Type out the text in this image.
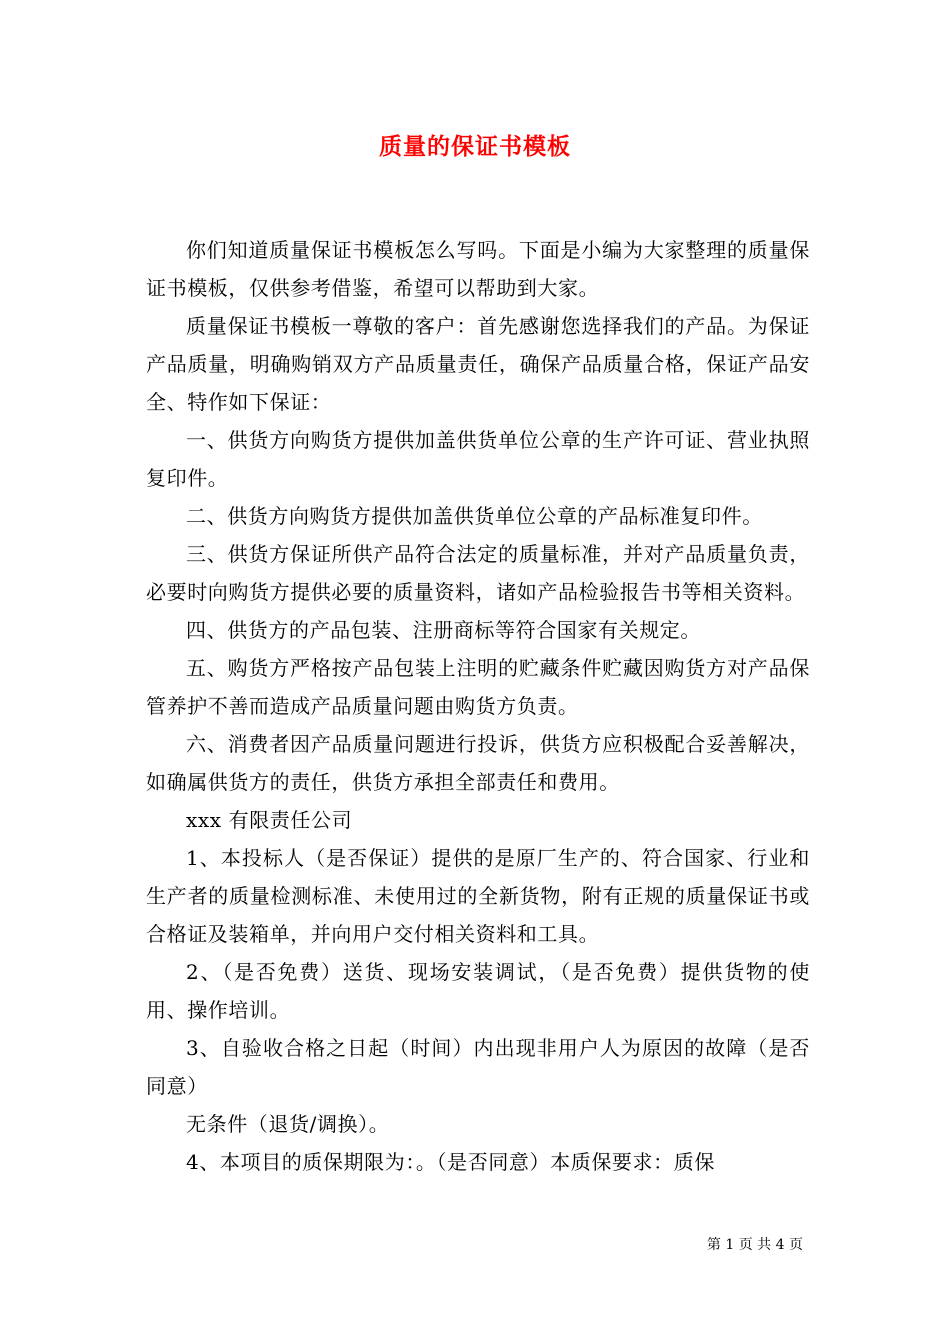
质量的保证书模板

你们知道质量保证书模板怎么写吗。下面是小编为大家整理的质量保证书模板，仅供参考借鉴，希望可以帮助到大家。

质量保证书模板一尊敬的客户：首先感谢您选择我们的产品。为保证产品质量，明确购销双方产品质量责任，确保产品质量合格，保证产品安全、特作如下保证：

一、供货方向购货方提供加盖供货单位公章的生产许可证、营业执照复印件。

二、供货方向购货方提供加盖供货单位公章的产品标准复印件。

三、供货方保证所供产品符合法定的质量标准，并对产品质量负责，必要时向购货方提供必要的质量资料，诸如产品检验报告书等相关资料。

四、供货方的产品包装、注册商标等符合国家有关规定。

五、购货方严格按产品包装上注明的贮藏条件贮藏因购货方对产品保管养护不善而造成产品质量问题由购货方负责。

六、消费者因产品质量问题进行投诉，供货方应积极配合妥善解决，如确属供货方的责任，供货方承担全部责任和费用。

xxx 有限责任公司

1、本投标人（是否保证）提供的是原厂生产的、符合国家、行业和生产者的质量检测标准、未使用过的全新货物，附有正规的质量保证书或合格证及装箱单，并向用户交付相关资料和工具。

2、（是否免费）送货、现场安装调试，（是否免费）提供货物的使用、操作培训。

3、自验收合格之日起（时间）内出现非用户人为原因的故障（是否同意）

无条件（退货/调换）。

4、本项目的质保期限为：。（是否同意）本质保要求：质保

第 1 页 共 4 页
